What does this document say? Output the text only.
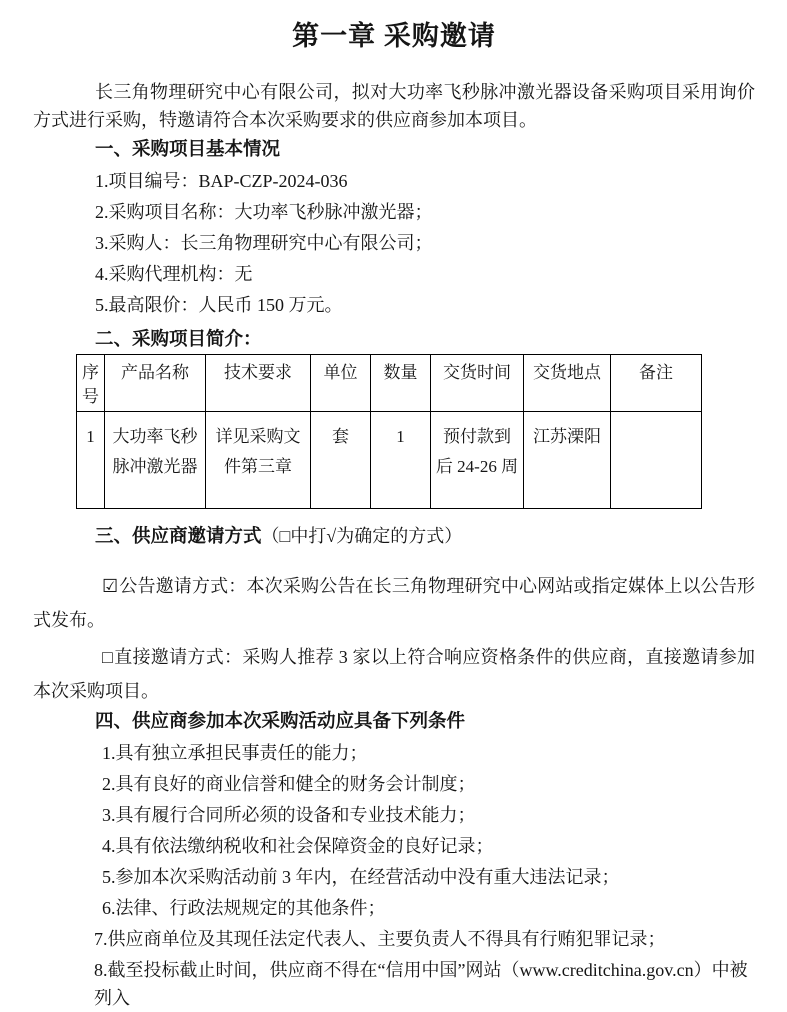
第一章 采购邀请

长三角物理研究中心有限公司，拟对大功率飞秒脉冲激光器设备采购项目采用询价方式进行采购，特邀请符合本次采购要求的供应商参加本项目。

一、采购项目基本情况

1.项目编号：BAP-CZP-2024-036

2.采购项目名称：大功率飞秒脉冲激光器；

3.采购人：长三角物理研究中心有限公司；

4.采购代理机构：无

5.最高限价：人民币 150 万元。

二、采购项目简介：
序号	产品名称	技术要求	单位	数量	交货时间	交货地点	备注
1	大功率飞秒脉冲激光器	详见采购文件第三章	套	1	预付款到后 24-26 周	江苏溧阳	
三、供应商邀请方式（□中打√为确定的方式）

☑公告邀请方式：本次采购公告在长三角物理研究中心网站或指定媒体上以公告形式发布。

□直接邀请方式：采购人推荐 3 家以上符合响应资格条件的供应商，直接邀请参加本次采购项目。

四、供应商参加本次采购活动应具备下列条件

1.具有独立承担民事责任的能力；

2.具有良好的商业信誉和健全的财务会计制度；

3.具有履行合同所必须的设备和专业技术能力；

4.具有依法缴纳税收和社会保障资金的良好记录；

5.参加本次采购活动前 3 年内，在经营活动中没有重大违法记录；

6.法律、行政法规规定的其他条件；

7.供应商单位及其现任法定代表人、主要负责人不得具有行贿犯罪记录；

8.截至投标截止时间，供应商不得在“信用中国”网站（www.creditchina.gov.cn）中被列入
